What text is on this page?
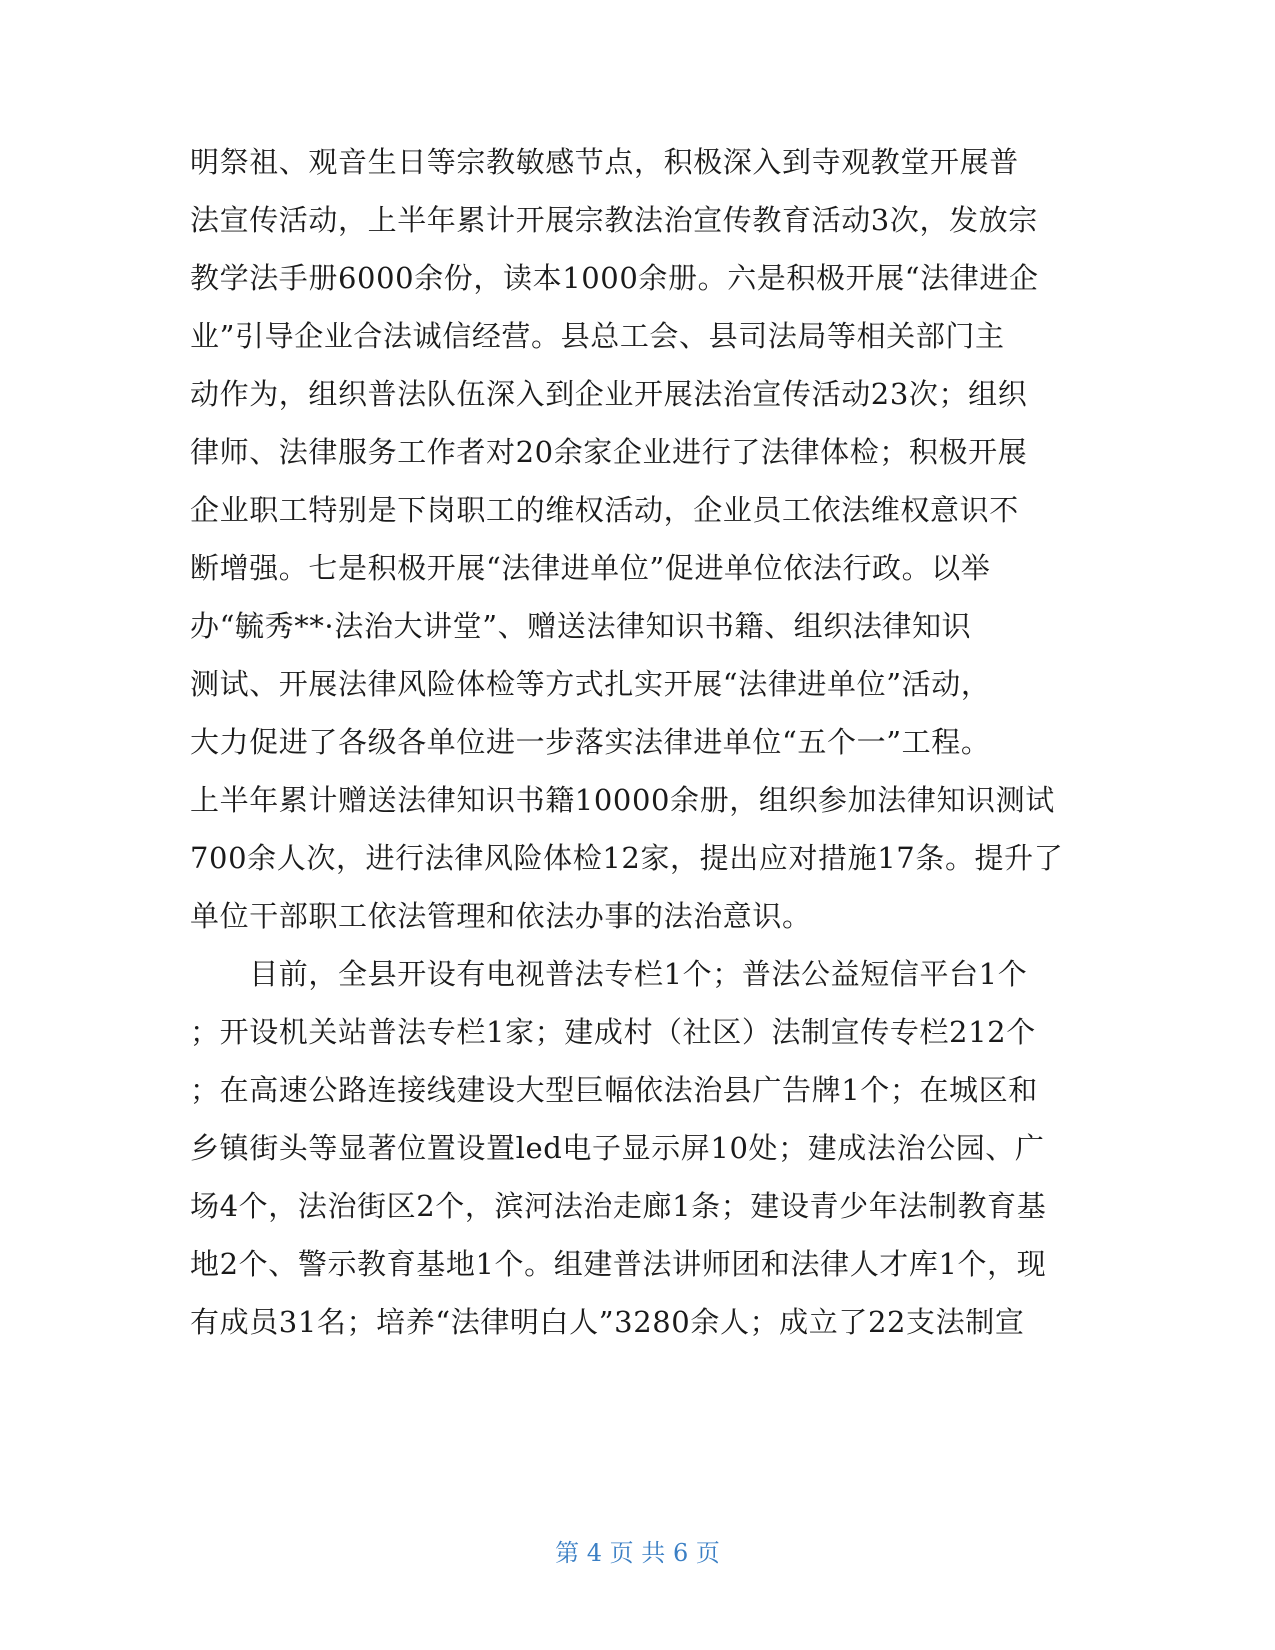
明祭祖、观音生日等宗教敏感节点，积极深入到寺观教堂开展普
法宣传活动，上半年累计开展宗教法治宣传教育活动3次，发放宗
教学法手册6000余份，读本1000余册。六是积极开展“法律进企
业”引导企业合法诚信经营。县总工会、县司法局等相关部门主
动作为，组织普法队伍深入到企业开展法治宣传活动23次；组织
律师、法律服务工作者对20余家企业进行了法律体检；积极开展
企业职工特别是下岗职工的维权活动，企业员工依法维权意识不
断增强。七是积极开展“法律进单位”促进单位依法行政。以举
办“毓秀**·法治大讲堂”、赠送法律知识书籍、组织法律知识
测试、开展法律风险体检等方式扎实开展“法律进单位”活动，
大力促进了各级各单位进一步落实法律进单位“五个一”工程。
上半年累计赠送法律知识书籍10000余册，组织参加法律知识测试
700余人次，进行法律风险体检12家，提出应对措施17条。提升了
单位干部职工依法管理和依法办事的法治意识。
　　目前，全县开设有电视普法专栏1个；普法公益短信平台1个
；开设机关站普法专栏1家；建成村（社区）法制宣传专栏212个
；在高速公路连接线建设大型巨幅依法治县广告牌1个；在城区和
乡镇街头等显著位置设置led电子显示屏10处；建成法治公园、广
场4个，法治街区2个，滨河法治走廊1条；建设青少年法制教育基
地2个、警示教育基地1个。组建普法讲师团和法律人才库1个，现
有成员31名；培养“法律明白人”3280余人；成立了22支法制宣
第 4 页 共 6 页
